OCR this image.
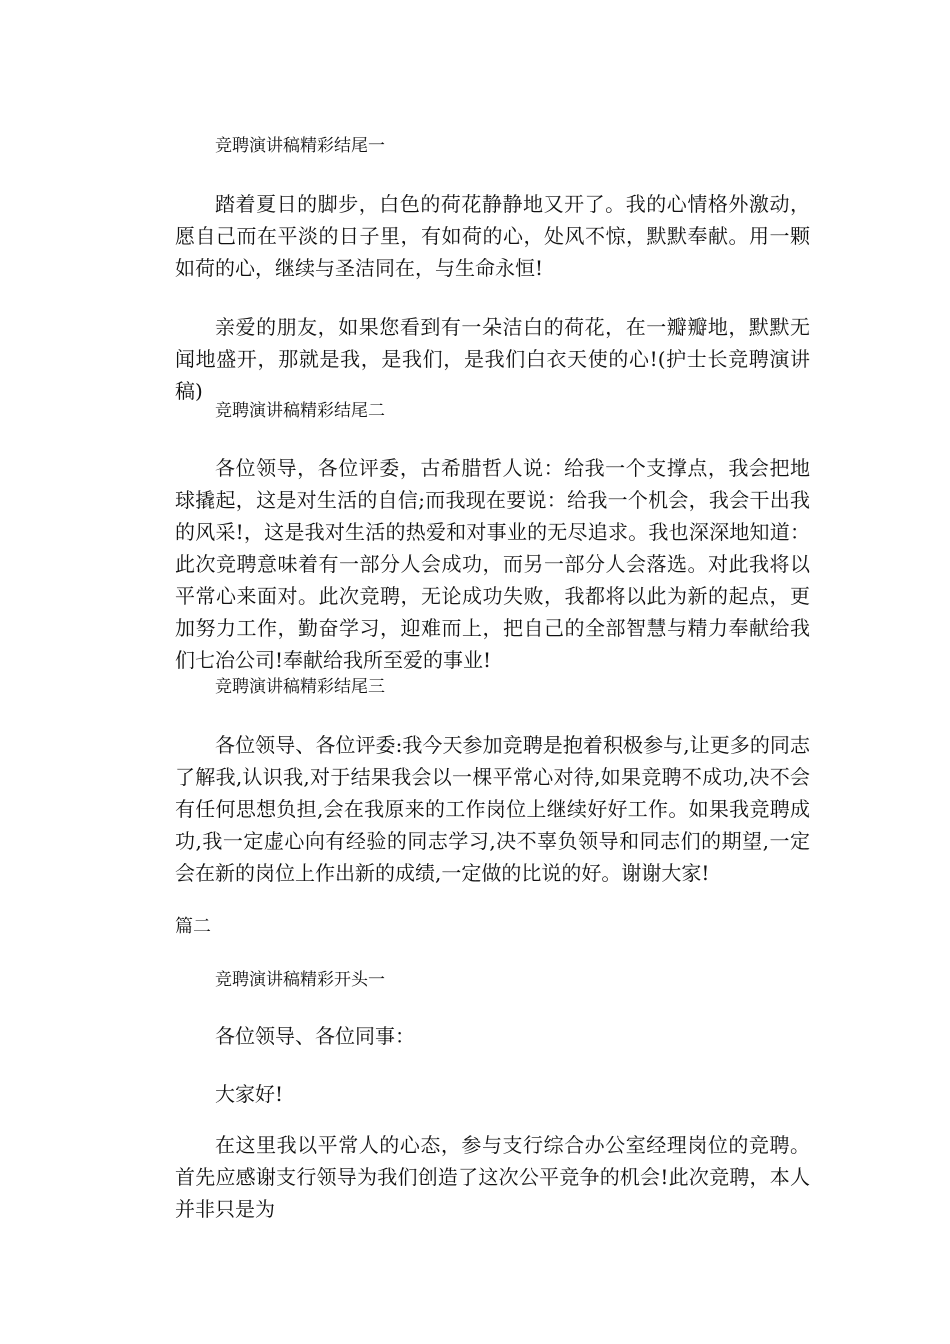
竞聘演讲稿精彩结尾一

踏着夏日的脚步，白色的荷花静静地又开了。我的心情格外激动，愿自己而在平淡的日子里，有如荷的心，处风不惊，默默奉献。用一颗如荷的心，继续与圣洁同在，与生命永恒!

亲爱的朋友，如果您看到有一朵洁白的荷花，在一瓣瓣地，默默无闻地盛开，那就是我，是我们，是我们白衣天使的心!(护士长竞聘演讲稿)

竞聘演讲稿精彩结尾二

各位领导，各位评委，古希腊哲人说：给我一个支撑点，我会把地球撬起，这是对生活的自信;而我现在要说：给我一个机会，我会干出我的风采!，这是我对生活的热爱和对事业的无尽追求。我也深深地知道：此次竞聘意味着有一部分人会成功，而另一部分人会落选。对此我将以平常心来面对。此次竞聘，无论成功失败，我都将以此为新的起点，更加努力工作，勤奋学习，迎难而上，把自己的全部智慧与精力奉献给我们七冶公司!奉献给我所至爱的事业!

竞聘演讲稿精彩结尾三

各位领导、各位评委:我今天参加竞聘是抱着积极参与,让更多的同志了解我,认识我,对于结果我会以一棵平常心对待,如果竞聘不成功,决不会有任何思想负担,会在我原来的工作岗位上继续好好工作。如果我竞聘成功,我一定虚心向有经验的同志学习,决不辜负领导和同志们的期望,一定会在新的岗位上作出新的成绩,一定做的比说的好。谢谢大家!

篇二

竞聘演讲稿精彩开头一

各位领导、各位同事：

大家好!

在这里我以平常人的心态，参与支行综合办公室经理岗位的竞聘。首先应感谢支行领导为我们创造了这次公平竞争的机会!此次竞聘，本人并非只是为
